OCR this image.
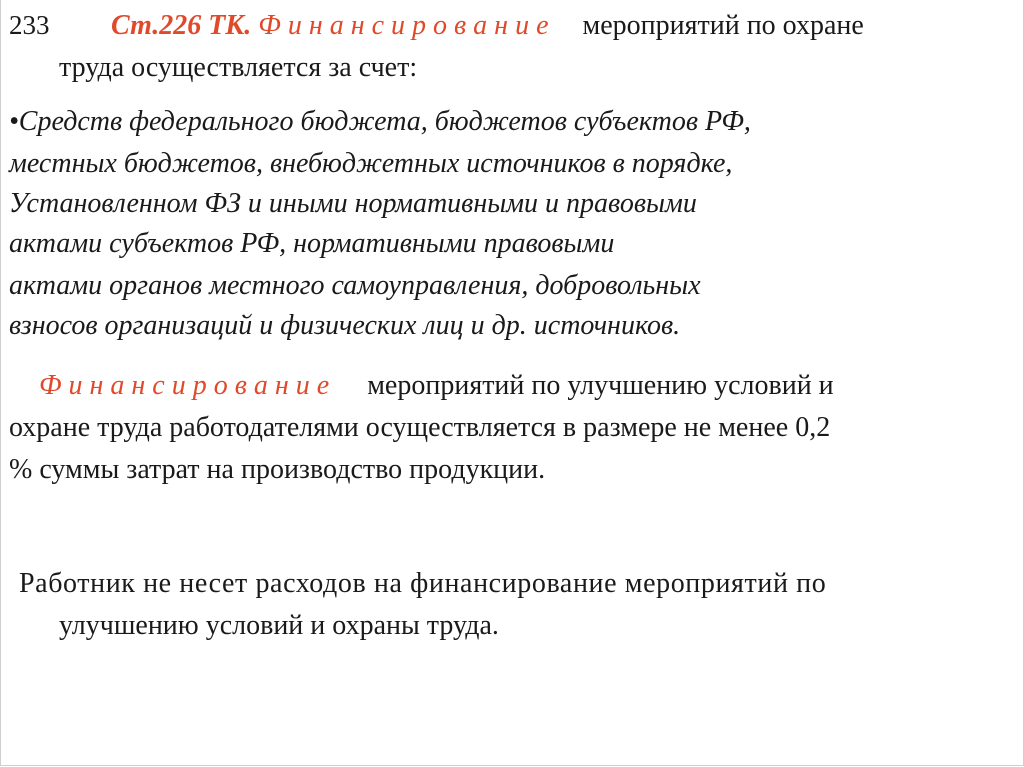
233 Ст.226 ТК. Ф и н а н с и р о в а н и е мероприятий по охране
труда осуществляется за счет:
•Средств федерального бюджета, бюджетов субъектов РФ,
местных бюджетов, внебюджетных источников в порядке,
Установленном ФЗ и иными нормативными и правовыми
актами субъектов РФ, нормативными правовыми
актами органов местного самоуправления, добровольных
взносов организаций и физических лиц и др. источников.
Ф и н а н с и р о в а н и е мероприятий по улучшению условий и
охране труда работодателями осуществляется в размере не менее 0,2
% суммы затрат на производство продукции.
Работник не несет расходов на финансирование мероприятий по
улучшению условий и охраны труда.
